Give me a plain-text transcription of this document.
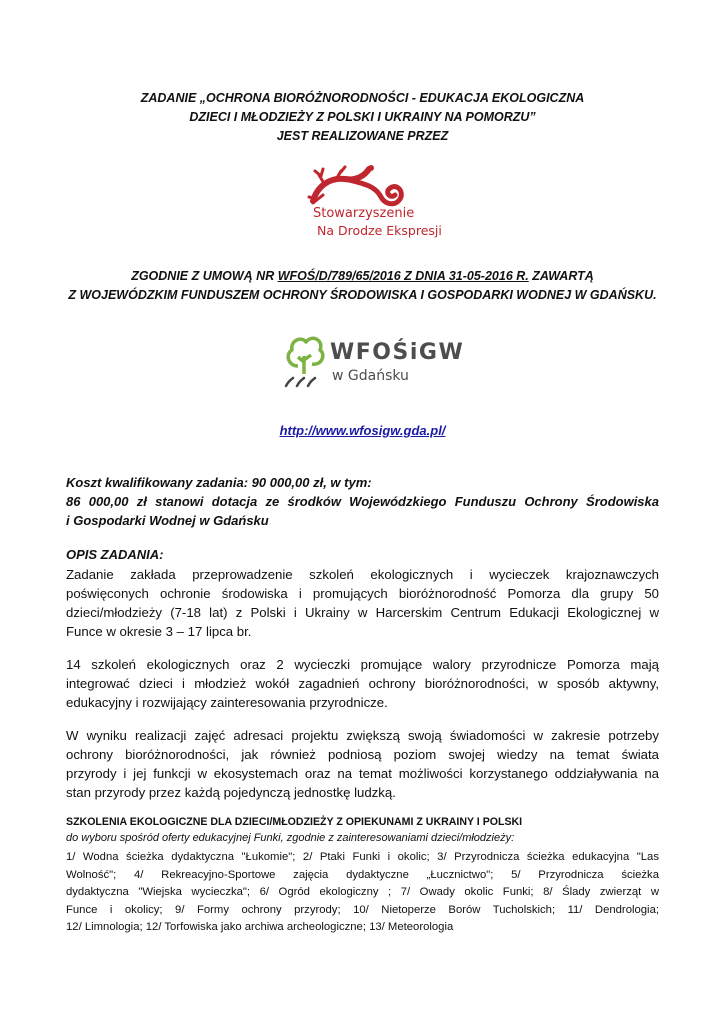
ZADANIE „OCHRONA BIORÓŻNORODNOŚCI - EDUKACJA EKOLOGICZNA
DZIECI I MŁODZIEŻY Z POLSKI I UKRAINY NA POMORZU”
JEST REALIZOWANE PRZEZ
Stowarzyszenie
Na Drodze Ekspresji
ZGODNIE Z UMOWĄ NR WFOŚ/D/789/65/2016 Z DNIA 31-05-2016 R. ZAWARTĄ
Z WOJEWÓDZKIM FUNDUSZEM OCHRONY ŚRODOWISKA I GOSPODARKI WODNEJ W GDAŃSKU.
WFOŚiGW
w Gdańsku
http://www.wfosigw.gda.pl/
Koszt kwalifikowany zadania: 90 000,00 zł, w tym:
86 000,00 zł stanowi dotacja ze środków Wojewódzkiego Funduszu Ochrony Środowiska
i Gospodarki Wodnej w Gdańsku
OPIS ZADANIA:
Zadanie zakłada przeprowadzenie szkoleń ekologicznych i wycieczek krajoznawczych
poświęconych ochronie środowiska i promujących bioróżnorodność Pomorza dla grupy 50
dzieci/młodzieży (7-18 lat) z Polski i Ukrainy w Harcerskim Centrum Edukacji Ekologicznej w
Funce w okresie 3 – 17 lipca br.
14 szkoleń ekologicznych oraz 2 wycieczki promujące walory przyrodnicze Pomorza mają
integrować dzieci i młodzież wokół zagadnień ochrony bioróżnorodności, w sposób aktywny,
edukacyjny i rozwijający zainteresowania przyrodnicze.
W wyniku realizacji zajęć adresaci projektu zwiększą swoją świadomości w zakresie potrzeby
ochrony bioróżnorodności, jak również podniosą poziom swojej wiedzy na temat świata
przyrody i jej funkcji w ekosystemach oraz na temat możliwości korzystanego oddziaływania na
stan przyrody przez każdą pojedynczą jednostkę ludzką.
SZKOLENIA EKOLOGICZNE DLA DZIECI/MŁODZIEŻY Z OPIEKUNAMI Z UKRAINY I POLSKI
do wyboru spośród oferty edukacyjnej Funki, zgodnie z zainteresowaniami dzieci/młodzieży:
1/ Wodna ścieżka dydaktyczna "Łukomie"; 2/ Ptaki Funki i okolic; 3/ Przyrodnicza ścieżka edukacyjna "Las
Wolność"; 4/ Rekreacyjno-Sportowe zajęcia dydaktyczne „Łucznictwo"; 5/ Przyrodnicza ścieżka
dydaktyczna "Wiejska wycieczka"; 6/ Ogród ekologiczny ; 7/ Owady okolic Funki; 8/ Ślady zwierząt w
Funce i okolicy; 9/ Formy ochrony przyrody; 10/ Nietoperze Borów Tucholskich; 11/ Dendrologia;
12/ Limnologia; 12/ Torfowiska jako archiwa archeologiczne; 13/ Meteorologia
